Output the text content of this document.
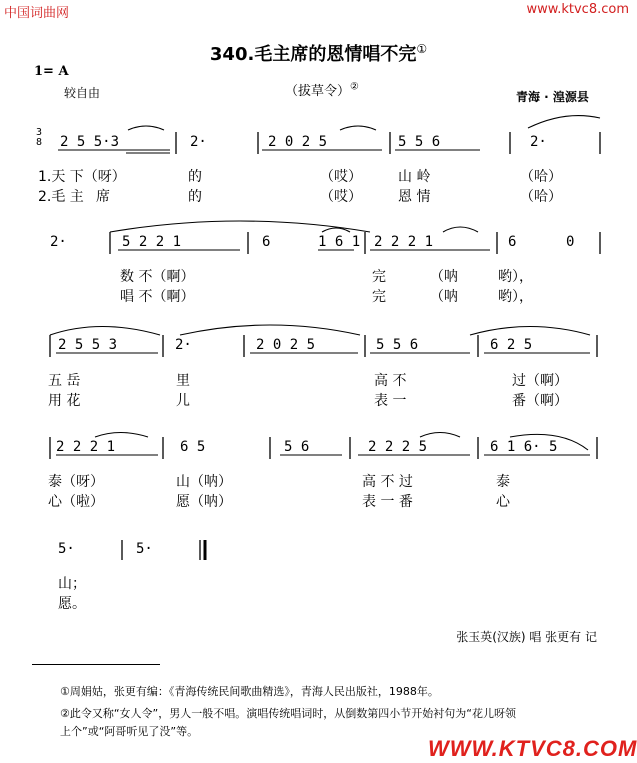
中国词曲网	www.ktvc8.com
340.毛主席的恩情唱不完①
1= A
较自由	（拔草令）②
青海 · 湟源县
3
8 2 5 5·3	2·	2 0 2 5	5 5 6	2·
1.天 下（呀）	的	（哎）	山 岭	（哈）
2.毛 主 席	的	（哎）	恩 情	（哈）
2·	5 2 2 1	6	1 6 1 2 2 2 1	6	0
数 不（啊）	完	（呐	哟），
唱 不（啊）	完	（呐	哟），
2 5 5 3	2·	2 0 2 5	5 5 6	6 2 5
五 岳	里	高 不	过（啊）
用 花	儿	表 一	番（啊）
2 2 2 1	6 5	5 6	2 2 2 5	6 1 6· 5
泰（呀）	山（呐）	高 不 过	泰
心（啦）	愿（呐）	表 一 番	心
5·	5·
山；
愿。
张玉英(汉族) 唱 张更有 记
①周娟姑，张更有编：《青海传统民间歌曲精选》，青海人民出版社，1988年。
②此令又称“女人令”，男人一般不唱。演唱传统唱词时，从倒数第四小节开始衬句为“花儿呀领
上个”或“阿哥听见了没”等。
WWW.KTVC8.COM
